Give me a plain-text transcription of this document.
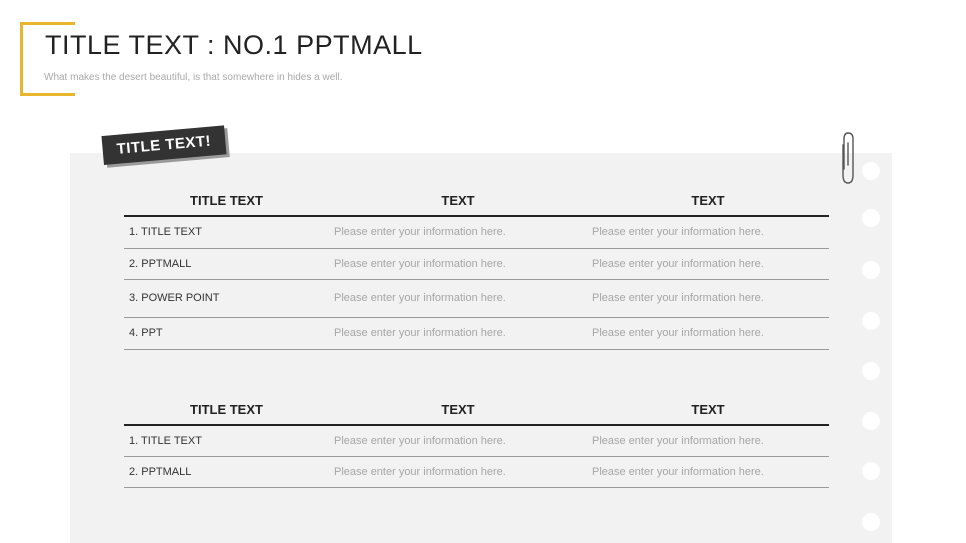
TITLE TEXT : NO.1 PPTMALL
What makes the desert beautiful, is that somewhere in hides a well.
TITLE TEXT!
TITLE TEXT	TEXT	TEXT
1. TITLE TEXT	Please enter your information here.	Please enter your information here.
2. PPTMALL	Please enter your information here.	Please enter your information here.
3. POWER POINT	Please enter your information here.	Please enter your information here.
4. PPT	Please enter your information here.	Please enter your information here.
TITLE TEXT	TEXT	TEXT
1. TITLE TEXT	Please enter your information here.	Please enter your information here.
2. PPTMALL	Please enter your information here.	Please enter your information here.
